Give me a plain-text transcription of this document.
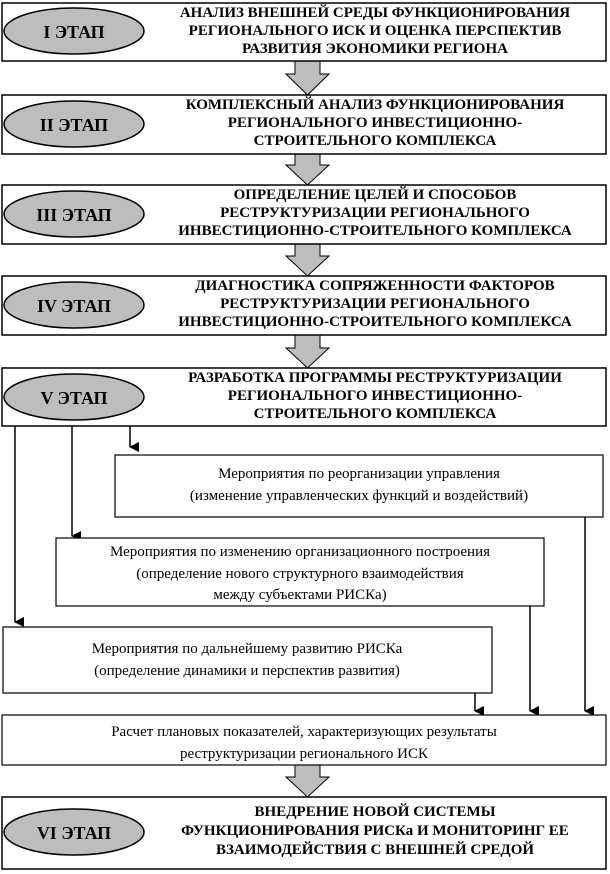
I ЭТАП
АНАЛИЗ ВНЕШНЕЙ СРЕДЫ ФУНКЦИОНИРОВАНИЯ
РЕГИОНАЛЬНОГО ИСК И ОЦЕНКА ПЕРСПЕКТИВ
РАЗВИТИЯ ЭКОНОМИКИ РЕГИОНА
II ЭТАП
КОМПЛЕКСНЫЙ АНАЛИЗ ФУНКЦИОНИРОВАНИЯ
РЕГИОНАЛЬНОГО ИНВЕСТИЦИОННО-
СТРОИТЕЛЬНОГО КОМПЛЕКСА
III ЭТАП
ОПРЕДЕЛЕНИЕ ЦЕЛЕЙ И СПОСОБОВ
РЕСТРУКТУРИЗАЦИИ РЕГИОНАЛЬНОГО
ИНВЕСТИЦИОННО-СТРОИТЕЛЬНОГО КОМПЛЕКСА
IV ЭТАП
ДИАГНОСТИКА СОПРЯЖЕННОСТИ ФАКТОРОВ
РЕСТРУКТУРИЗАЦИИ РЕГИОНАЛЬНОГО
ИНВЕСТИЦИОННО-СТРОИТЕЛЬНОГО КОМПЛЕКСА
V ЭТАП
РАЗРАБОТКА ПРОГРАММЫ РЕСТРУКТУРИЗАЦИИ
РЕГИОНАЛЬНОГО ИНВЕСТИЦИОННО-
СТРОИТЕЛЬНОГО КОМПЛЕКСА
Мероприятия по реорганизации управления
(изменение управленческих функций и воздействий)
Мероприятия по изменению организационного построения
(определение нового структурного взаимодействия
между субъектами РИСКа)
Мероприятия по дальнейшему развитию РИСКа
(определение динамики и перспектив развития)
Расчет плановых показателей, характеризующих результаты
реструктуризации регионального ИСК
VI ЭТАП
ВНЕДРЕНИЕ НОВОЙ СИСТЕМЫ
ФУНКЦИОНИРОВАНИЯ РИСКа И МОНИТОРИНГ ЕЕ
ВЗАИМОДЕЙСТВИЯ С ВНЕШНЕЙ СРЕДОЙ
